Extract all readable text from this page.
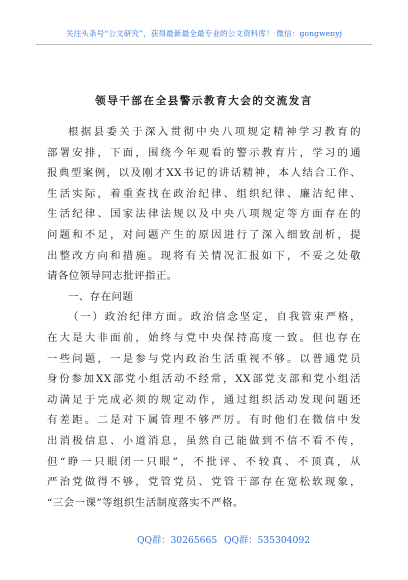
关注头条号“公文研究”，获得最新最全最专业的公文资料库！ 微信：gongwenyj
领导干部在全县警示教育大会的交流发言
根据县委关于深入贯彻中央八项规定精神学习教育的
部署安排，下面，围绕今年观看的警示教育片，学习的通
报典型案例，以及刚才XX书记的讲话精神，本人结合工作、
生活实际，着重查找在政治纪律、组织纪律、廉洁纪律、
生活纪律、国家法律法规以及中央八项规定等方面存在的
问题和不足，对问题产生的原因进行了深入细致剖析，提
出整改方向和措施。现将有关情况汇报如下，不妥之处敬
请各位领导同志批评指正。
一、存在问题
（一）政治纪律方面。政治信念坚定，自我管束严格，
在大是大非面前，始终与党中央保持高度一致。但也存在
一些问题，一是参与党内政治生活重视不够。以普通党员
身份参加XX部党小组活动不经常，XX部党支部和党小组活
动满足于完成必须的规定动作，通过组织活动发现问题还
有差距。二是对下属管理不够严厉。有时他们在微信中发
出消极信息、小道消息，虽然自己能做到不信不看不传，
但“睁一只眼闭一只眼”，不批评、不较真、不顶真，从
严治党做得不够，党管党员、党管干部存在宽松软现象，
“三会一课”等组织生活制度落实不严格。
QQ群：30265665 QQ群：535304092
